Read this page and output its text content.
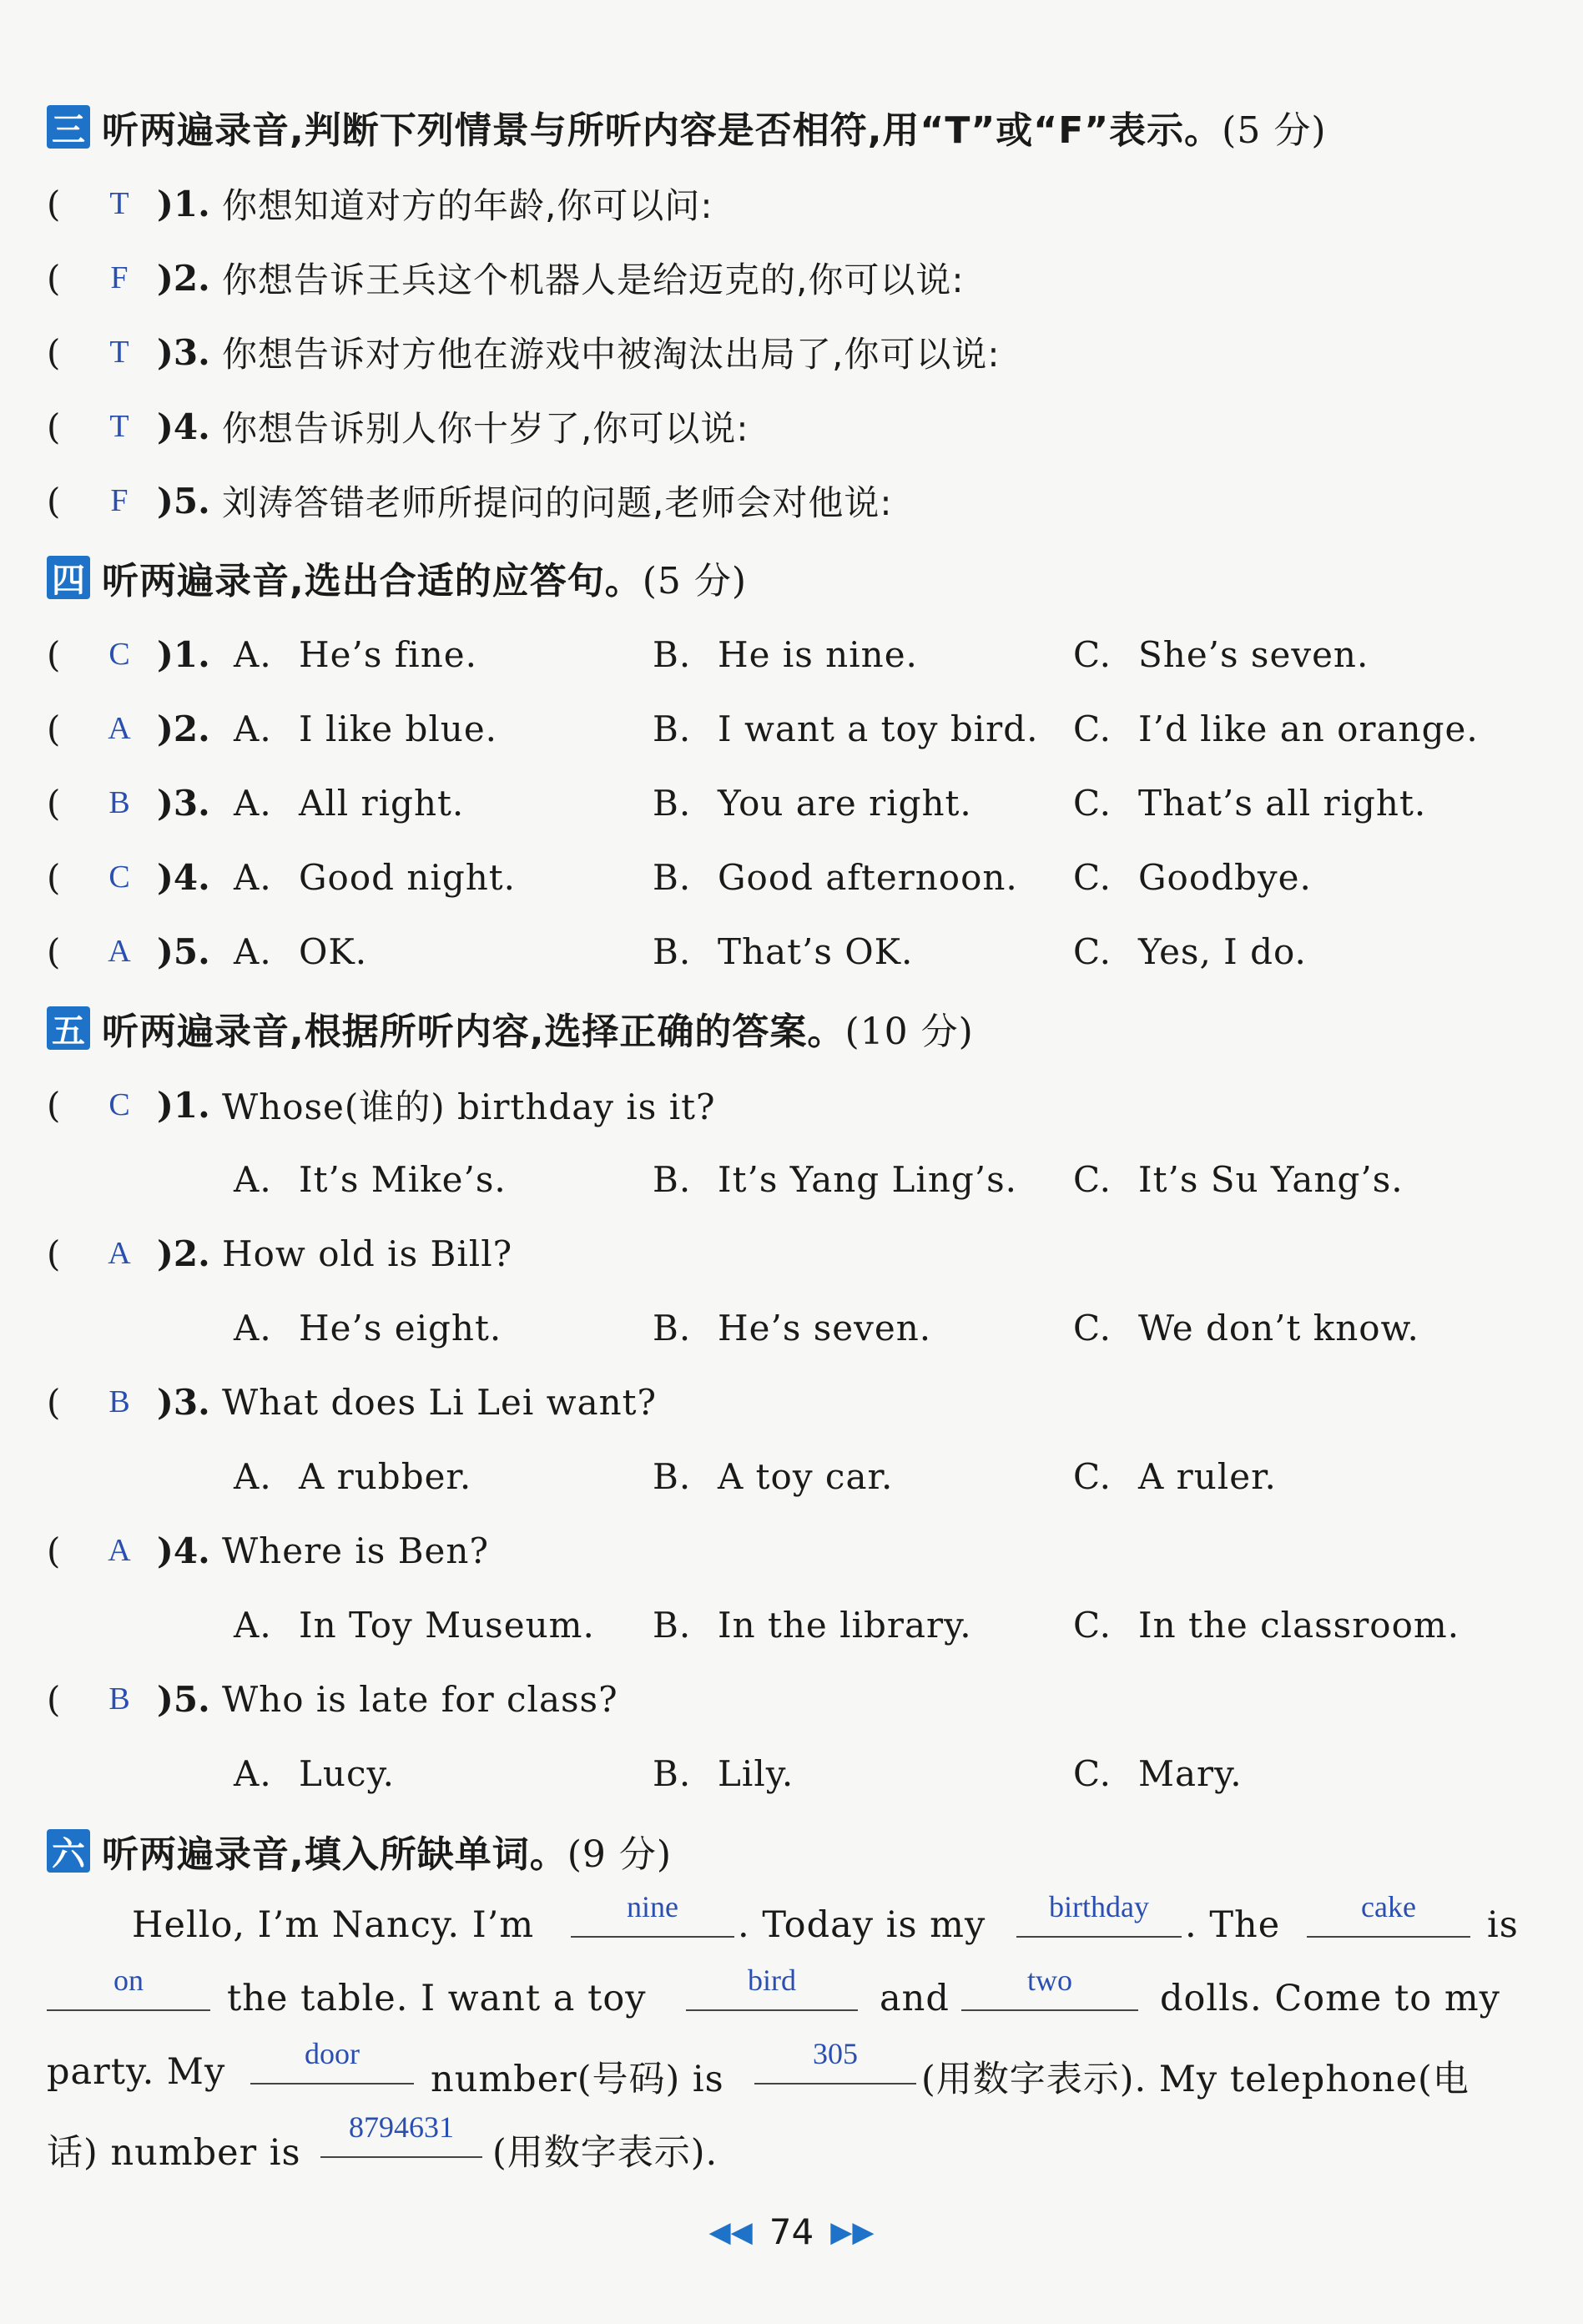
三 听两遍录音,判断下列情景与所听内容是否相符,用“T”或“F”表示。(5 分)
(	T )1. 你想知道对方的年龄,你可以问:
(	F )2. 你想告诉王兵这个机器人是给迈克的,你可以说:
(	T )3. 你想告诉对方他在游戏中被淘汰出局了,你可以说:
(	T )4. 你想告诉别人你十岁了,你可以说:
(	F )5. 刘涛答错老师所提问的问题,老师会对他说:
四 听两遍录音,选出合适的应答句。(5 分)
(	C )1. A. He’s fine.	B. He is nine.	C. She’s seven.
(	A )2. A. I like blue.	B. I want a toy bird. C. I’d like an orange.
(	B )3. A. All right.	B. You are right.	C. That’s all right.
(	C )4. A. Good night.	B. Good afternoon. C. Goodbye.
(	A )5. A. OK.	B. That’s OK.	C. Yes, I do.
五 听两遍录音,根据所听内容,选择正确的答案。(10 分)
(	C )1. Whose(谁的) birthday is it?
A. It’s Mike’s.	B. It’s Yang Ling’s. C. It’s Su Yang’s.
(	A )2. How old is Bill?
A. He’s eight.	B. He’s seven.	C. We don’t know.
(	B )3. What does Li Lei want?
A. A rubber.	B. A toy car.	C. A ruler.
(	A )4. Where is Ben?
A. In Toy Museum. B. In the library.	C. In the classroom.
(	B )5. Who is late for class?
A. Lucy.	B. Lily.	C. Mary.
六 听两遍录音,填入所缺单词。(9 分)
Hello, I’m Nancy. I’m	nine	. Today is my	birthday	. The	cake	is
on	the table. I want a toy	bird	and	two	dolls. Come to my
party. My	door
number(号码) is
305
(用数字表示). My telephone(电
话) number is
8794631
(用数字表示).
◀◀ 74 ▶▶
